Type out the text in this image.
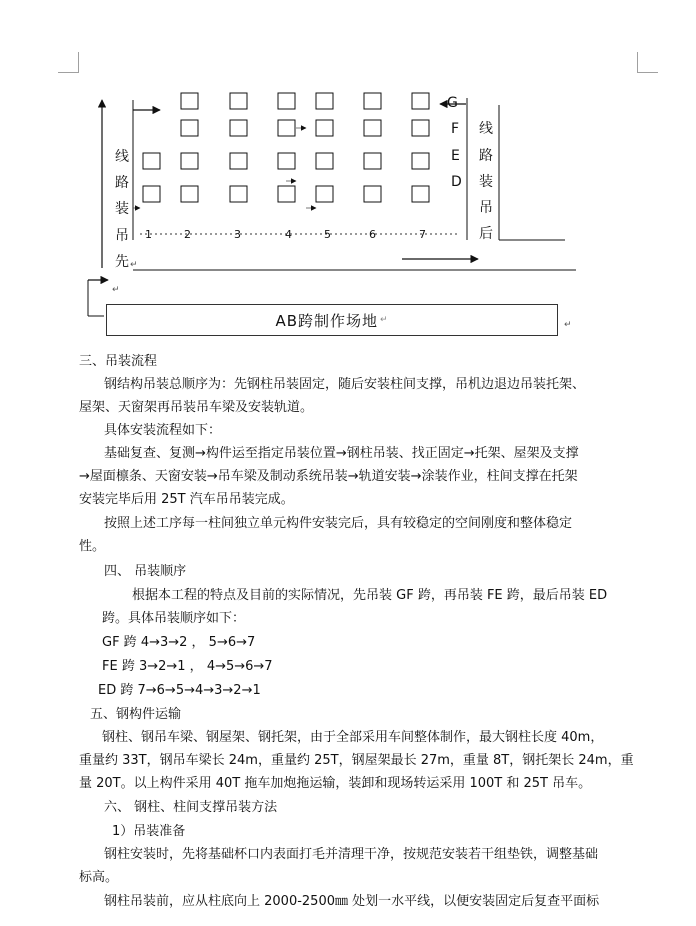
线
路
装
吊
先
线
路
装
吊
后
G
F
E
D
1	2	3	4	5	6	7
↵
↵
↵
AB跨制作场地 ↵
三、吊装流程
钢结构吊装总顺序为：先钢柱吊装固定，随后安装柱间支撑，吊机边退边吊装托架、
屋架、天窗架再吊装吊车梁及安装轨道。
具体安装流程如下：
基础复查、复测→构件运至指定吊装位置→钢柱吊装、找正固定→托架、屋架及支撑
→屋面檩条、天窗安装→吊车梁及制动系统吊装→轨道安装→涂装作业，柱间支撑在托架
安装完毕后用 25T 汽车吊吊装完成。
按照上述工序每一柱间独立单元构件安装完后，具有较稳定的空间刚度和整体稳定
性。
四、 吊装顺序
根据本工程的特点及目前的实际情况，先吊装 GF 跨，再吊装 FE 跨，最后吊装 ED
跨。具体吊装顺序如下：
GF 跨 4→3→2 ， 5→6→7
FE 跨 3→2→1 ， 4→5→6→7
ED 跨 7→6→5→4→3→2→1
五、钢构件运输
钢柱、钢吊车梁、钢屋架、钢托架，由于全部采用车间整体制作，最大钢柱长度 40m，
重量约 33T，钢吊车梁长 24m，重量约 25T，钢屋架最长 27m，重量 8T，钢托架长 24m，重
量 20T。以上构件采用 40T 拖车加炮拖运输，装卸和现场转运采用 100T 和 25T 吊车。
六、 钢柱、柱间支撑吊装方法
1）吊装准备
钢柱安装时，先将基础杯口内表面打毛并清理干净，按规范安装若干组垫铁，调整基础
标高。
钢柱吊装前，应从柱底向上 2000-2500㎜ 处划一水平线，以便安装固定后复查平面标
